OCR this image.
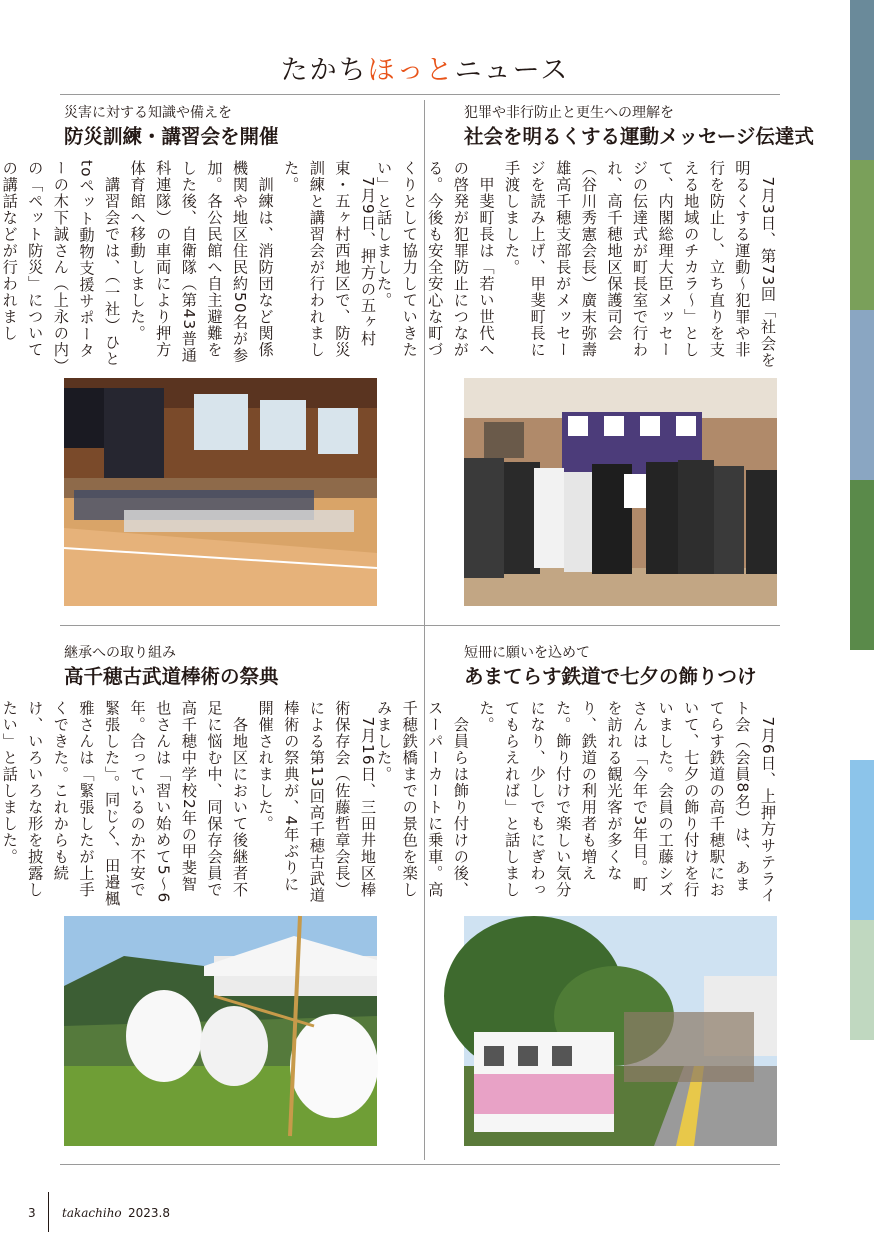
たかちほっとニュース
災害に対する知識や備えを
防災訓練・講習会を開催
　7月9日、押方の五ヶ村東・五ヶ村西地区で、防災訓練と講習会が行われました。
　訓練は、消防団など関係機関や地区住民約50名が参加。各公民館へ自主避難をした後、自衛隊（第43普通科連隊）の車両により押方体育館へ移動しました。
　講習会では、（一社）ひとtoペット動物支援サポーターの木下誠さん（上永の内）の「ペット防災」についての講話などが行われまし
犯罪や非行防止と更生への理解を
社会を明るくする運動メッセージ伝達式
　7月3日、第73回「社会を明るくする運動～犯罪や非行を防止し、立ち直りを支える地域のチカラ～」として、内閣総理大臣メッセージの伝達式が町長室で行われ、高千穂地区保護司会（谷川秀憲会長）廣末弥壽雄高千穂支部長がメッセージを読み上げ、甲斐町長に手渡しました。
　甲斐町長は「若い世代への啓発が犯罪防止につながる。今後も安全安心な町づくりとして協力していきたい」と話しました。
継承への取り組み
高千穂古武道棒術の祭典
　7月16日、三田井地区棒術保存会（佐藤哲章会長）による第13回高千穂古武道棒術の祭典が、4年ぶりに開催されました。
　各地区において後継者不足に悩む中、同保存会員で高千穂中学校2年の甲斐智也さんは「習い始めて5～6年。合っているのか不安で緊張した」。同じく、田邉楓雅さんは「緊張したが上手くできた。これからも続け、いろいろな形を披露したい」と話しました。
短冊に願いを込めて
あまてらす鉄道で七夕の飾りつけ
　7月6日、上押方サテライト会（会員8名）は、あまてらす鉄道の高千穂駅において、七夕の飾り付けを行いました。会員の工藤シズさんは「今年で3年目。町を訪れる観光客が多くなり、鉄道の利用者も増えた。飾り付けで楽しい気分になり、少しでもにぎわってもらえれば」と話しました。
　会員らは飾り付けの後、スーパーカートに乗車。高千穂鉄橋までの景色を楽しみました。
3 takachiho 2023.8
